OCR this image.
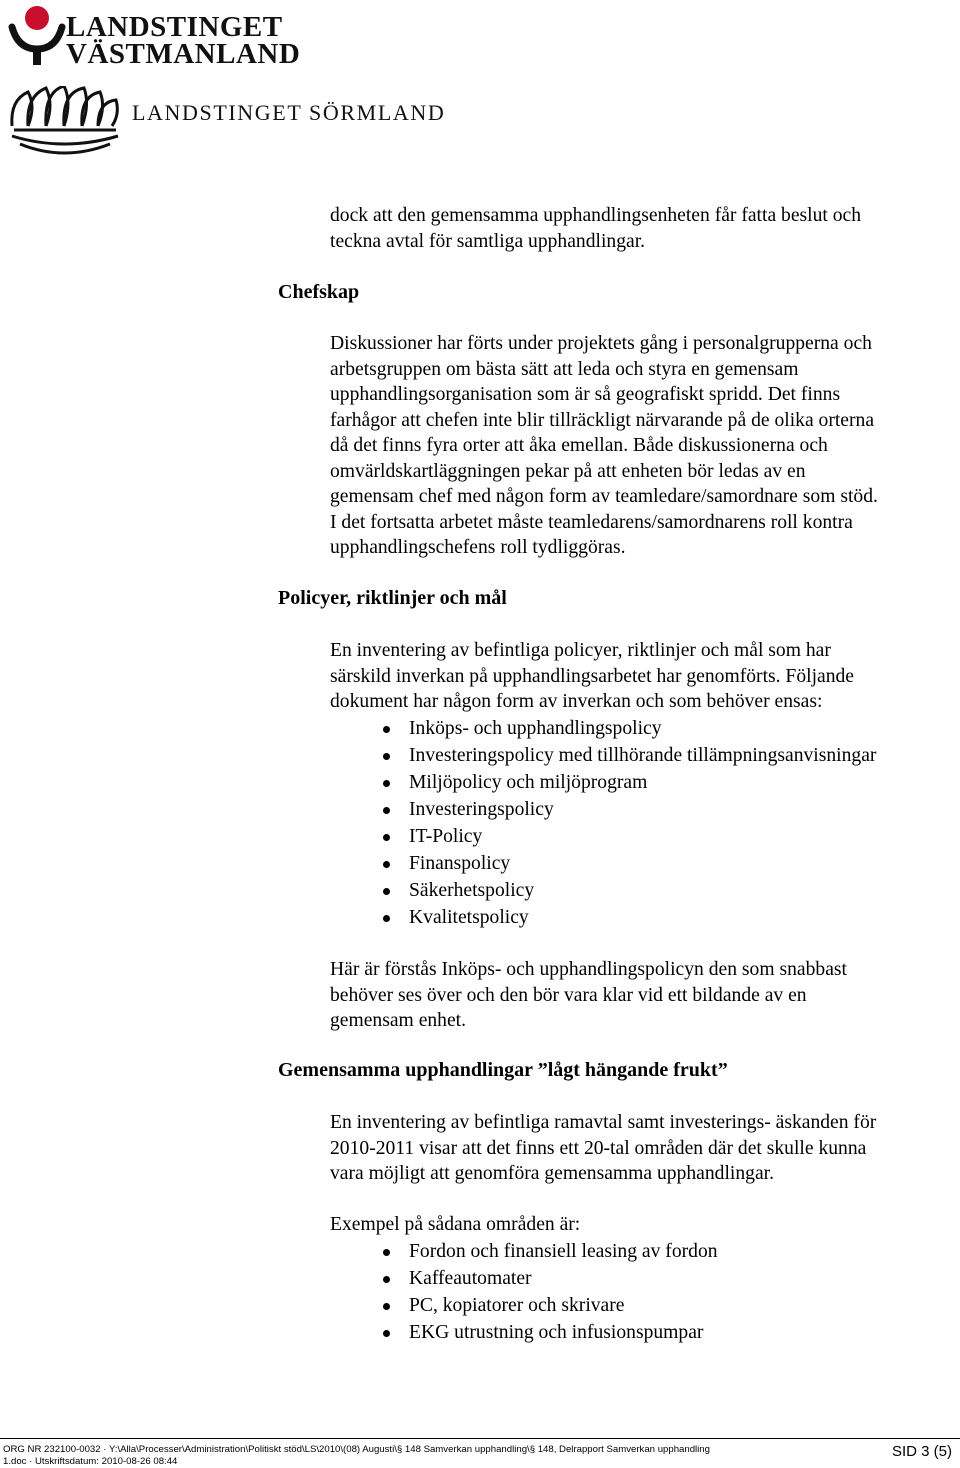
LANDSTINGET
VÄSTMANLAND
LANDSTINGET SÖRMLAND
dock att den gemensamma upphandlingsenheten får fatta beslut och
teckna avtal för samtliga upphandlingar.
Chefskap
Diskussioner har förts under projektets gång i personalgrupperna och
arbetsgruppen om bästa sätt att leda och styra en gemensam
upphandlingsorganisation som är så geografiskt spridd. Det finns
farhågor att chefen inte blir tillräckligt närvarande på de olika orterna
då det finns fyra orter att åka emellan. Både diskussionerna och
omvärldskartläggningen pekar på att enheten bör ledas av en
gemensam chef med någon form av teamledare/samordnare som stöd.
I det fortsatta arbetet måste teamledarens/samordnarens roll kontra
upphandlingschefens roll tydliggöras.
Policyer, riktlinjer och mål
En inventering av befintliga policyer, riktlinjer och mål som har
särskild inverkan på upphandlingsarbetet har genomförts. Följande
dokument har någon form av inverkan och som behöver ensas:
Inköps- och upphandlingspolicy
Investeringspolicy med tillhörande tillämpningsanvisningar
Miljöpolicy och miljöprogram
Investeringspolicy
IT-Policy
Finanspolicy
Säkerhetspolicy
Kvalitetspolicy
Här är förstås Inköps- och upphandlingspolicyn den som snabbast
behöver ses över och den bör vara klar vid ett bildande av en
gemensam enhet.
Gemensamma upphandlingar ”lågt hängande frukt”
En inventering av befintliga ramavtal samt investerings- äskanden för
2010-2011 visar att det finns ett 20-tal områden där det skulle kunna
vara möjligt att genomföra gemensamma upphandlingar.
Exempel på sådana områden är:
Fordon och finansiell leasing av fordon
Kaffeautomater
PC, kopiatorer och skrivare
EKG utrustning och infusionspumpar
ORG NR 232100-0032 · Y:\Alla\Processer\Administration\Politiskt stöd\LS\2010\(08) Augusti\§ 148 Samverkan upphandling\§ 148, Delrapport Samverkan upphandling
1.doc · Utskriftsdatum: 2010-08-26 08:44
SID 3 (5)
